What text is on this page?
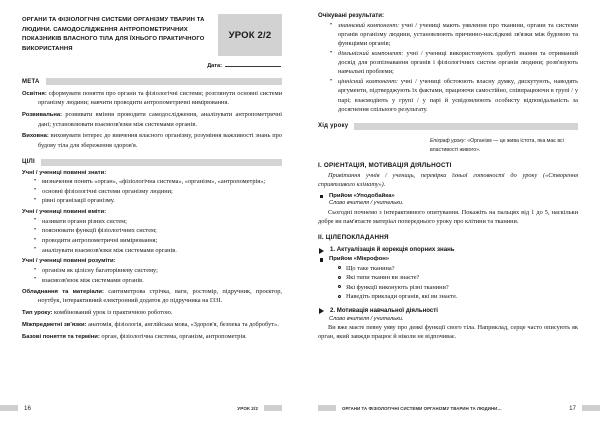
ОРГАНИ ТА ФІЗІОЛОГІЧНІ СИСТЕМИ ОРГАНІЗМУ ТВАРИН ТА ЛЮДИНИ. САМОДОСЛІДЖЕННЯ АНТРОПОМЕТРИЧНИХ ПОКАЗНИКІВ ВЛАСНОГО ТІЛА ДЛЯ ЇХНЬОГО ПРАКТИЧНОГО ВИКОРИСТАННЯ
УРОК 2/2
Дата:
МЕТА

Освітня: сформувати поняття про органи та фізіологічні системи; розглянути основні системи організму людини; навчити проводити антропометричні вимірювання.

Розвивальна: розвивати вміння проводити самодослідження, аналізувати антропометричні дані; установлювати взаємозв'язки між системами органів.

Виховна: виховувати інтерес до вивчення власного організму, розуміння важливості знань про будову тіла для збереження здоров'я.

ЦІЛІ
Учні / учениці повинні знати:
• визначення понять «орган», «фізіологічна система», «організм», «антропометрія»;
• основні фізіологічні системи організму людини;
• рівні організації організму.
Учні / учениці повинні вміти:
• називати органи різних систем;
• пояснювати функції фізіологічних систем;
• проводити антропометричні вимірювання;
• аналізувати взаємозв'язки між системами органів.
Учні / учениці повинні розуміти:
• організм як цілісну багаторівневу систему;
• взаємозв'язок між системами органів.

Обладнання та матеріали: сантиметрова стрічка, ваги, ростомір, підручник, проєктор, ноутбук, інтерактивний електронний додаток до підручника на ІЗЗІ.

Тип уроку: комбінований урок із практичною роботою.

Міжпредметні зв'язки: анатомія, фізіологія, англійська мова, «Здоров'я, безпека та добробут».

Базові поняття та терміни: орган, фізіологічна система, організм, антропометрія.

16	УРОК 2/2
Очікувані результати:
• знаннєвий компонент: учні / учениці мають уявлення про тканини, органи та системи органів організму людини, установлюють причинно-наслідкові зв'язки між будовою та функціями органів;
• діяльнісний компонент: учні / учениці використовують здобуті знання та отриманий досвід для розпізнавання органів і фізіологічних систем органів людини; розв'язують навчальні проблеми;
• ціннісний компонент: учні / учениці обстоюють власну думку, дискутують, наводять аргументи, підтверджують їх фактами, працюючи самостійно, співпрацюючи в групі / у парі; взаємодіють у групі / у парі й усвідомлюють особисту відповідальність за досягнення спільного результату.
Хід уроку
Епіграф уроку: «Організм — це жива істота, яка має всі властивості живого».
I. ОРІЄНТАЦІЯ, МОТИВАЦІЯ ДІЯЛЬНОСТІ

Привітання учнів / учениць, перевірка їхньої готовності до уроку («Створення сприятливого клімату»).

Прийом «Уподобайка»
Слово вчителя / учительки.

Сьогодні почнемо з інтерактивного опитування. Покажіть на пальцях від 1 до 5, наскільки добре ви пам'ятаєте матеріал попереднього уроку про клітини та тканини.

II. ЦІЛЕПОКЛАДАННЯ
1. Актуалізація й корекція опорних знань
Прийом «Мікрофон»
Що таке тканина?
Які типи тканин ви знаєте?
Які функції виконують різні тканини?
Наведіть приклади органів, які ви знаєте.
2. Мотивація навчальної діяльності
Слово вчителя / учительки.

Ви вже маєте певну уяву про деякі функції свого тіла. Наприклад, серце часто описують як орган, який завжди працює й ніколи не відпочиває.

ОРГАНИ ТА ФІЗІОЛОГІЧНІ СИСТЕМИ ОРГАНІЗМУ ТВАРИН ТА ЛЮДИНИ…	17
